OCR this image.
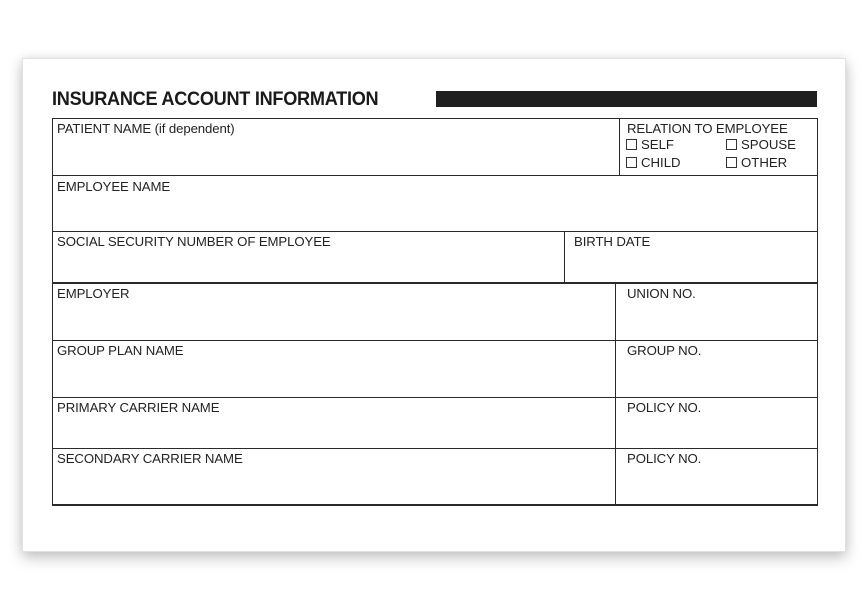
INSURANCE ACCOUNT INFORMATION
PATIENT NAME (if dependent)	RELATION TO EMPLOYEE
SELF	SPOUSE
CHILD	OTHER
EMPLOYEE NAME
SOCIAL SECURITY NUMBER OF EMPLOYEE	BIRTH DATE
EMPLOYER	UNION NO.
GROUP PLAN NAME	GROUP NO.
PRIMARY CARRIER NAME	POLICY NO.
SECONDARY CARRIER NAME	POLICY NO.
